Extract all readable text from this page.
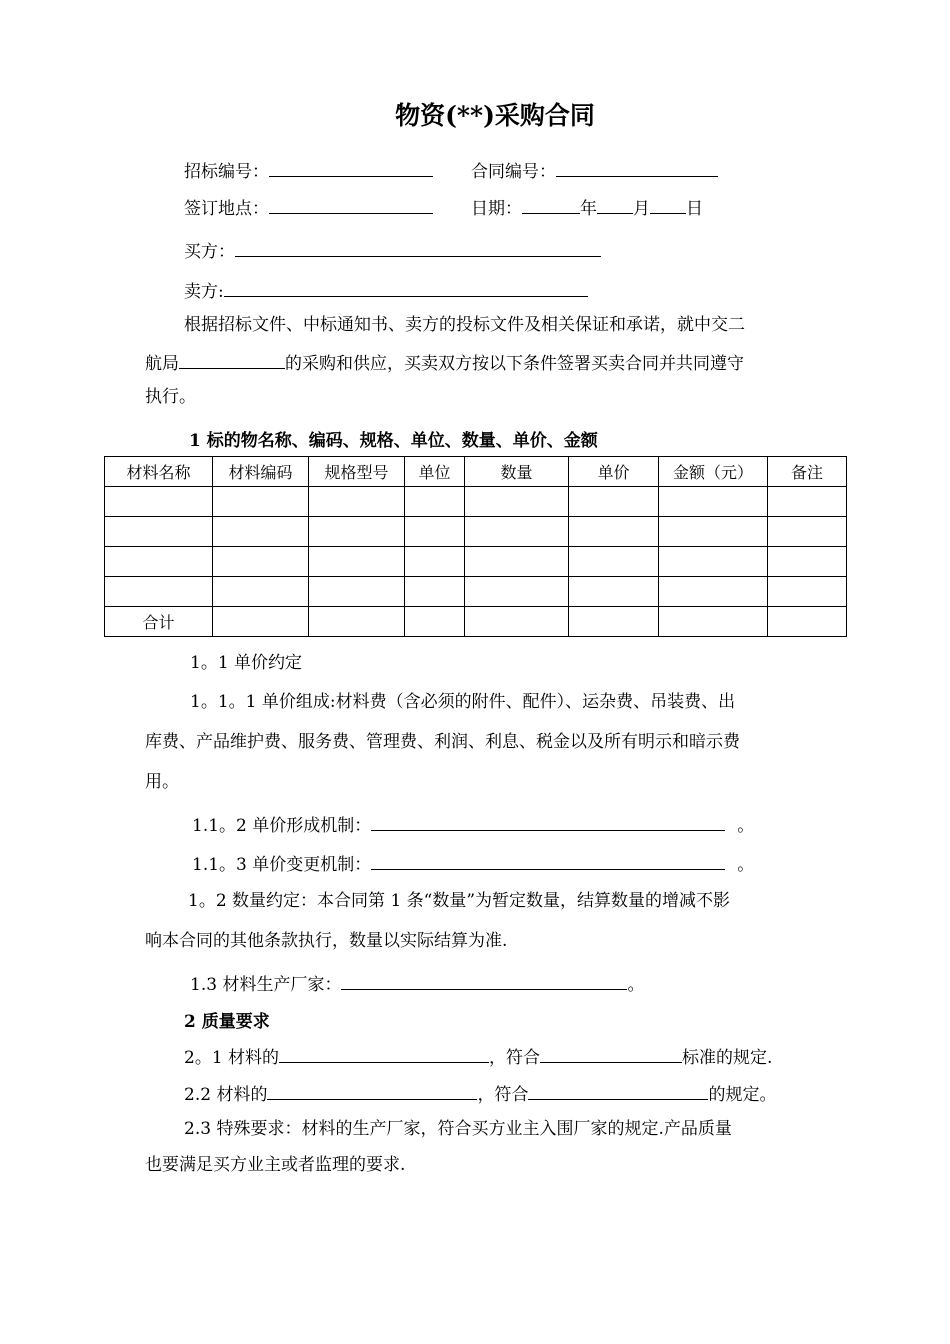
物资(**)采购合同
招标编号：	合同编号：
签订地点：	日期：	年 月 日
买方：
卖方:
根据招标文件、中标通知书、卖方的投标文件及相关保证和承诺，就中交二
航局	的采购和供应，买卖双方按以下条件签署买卖合同并共同遵守
执行。
1 标的物名称、编码、规格、单位、数量、单价、金额
材料名称	材料编码	规格型号	单位	数量	单价	金额（元）	备注

合计							
1。1 单价约定
1。1。1 单价组成:材料费（含必须的附件、配件）、运杂费、吊装费、出
库费、产品维护费、服务费、管理费、利润、利息、税金以及所有明示和暗示费
用。
1.1。2 单价形成机制：	。
1.1。3 单价变更机制：	。
1。2 数量约定：本合同第 1 条“数量”为暂定数量，结算数量的增减不影
响本合同的其他条款执行，数量以实际结算为准.
1.3 材料生产厂家：	。
2 质量要求
2。1 材料的	，符合	标准的规定.
2.2 材料的	，符合	的规定。
2.3 特殊要求：材料的生产厂家，符合买方业主入围厂家的规定.产品质量
也要满足买方业主或者监理的要求.
